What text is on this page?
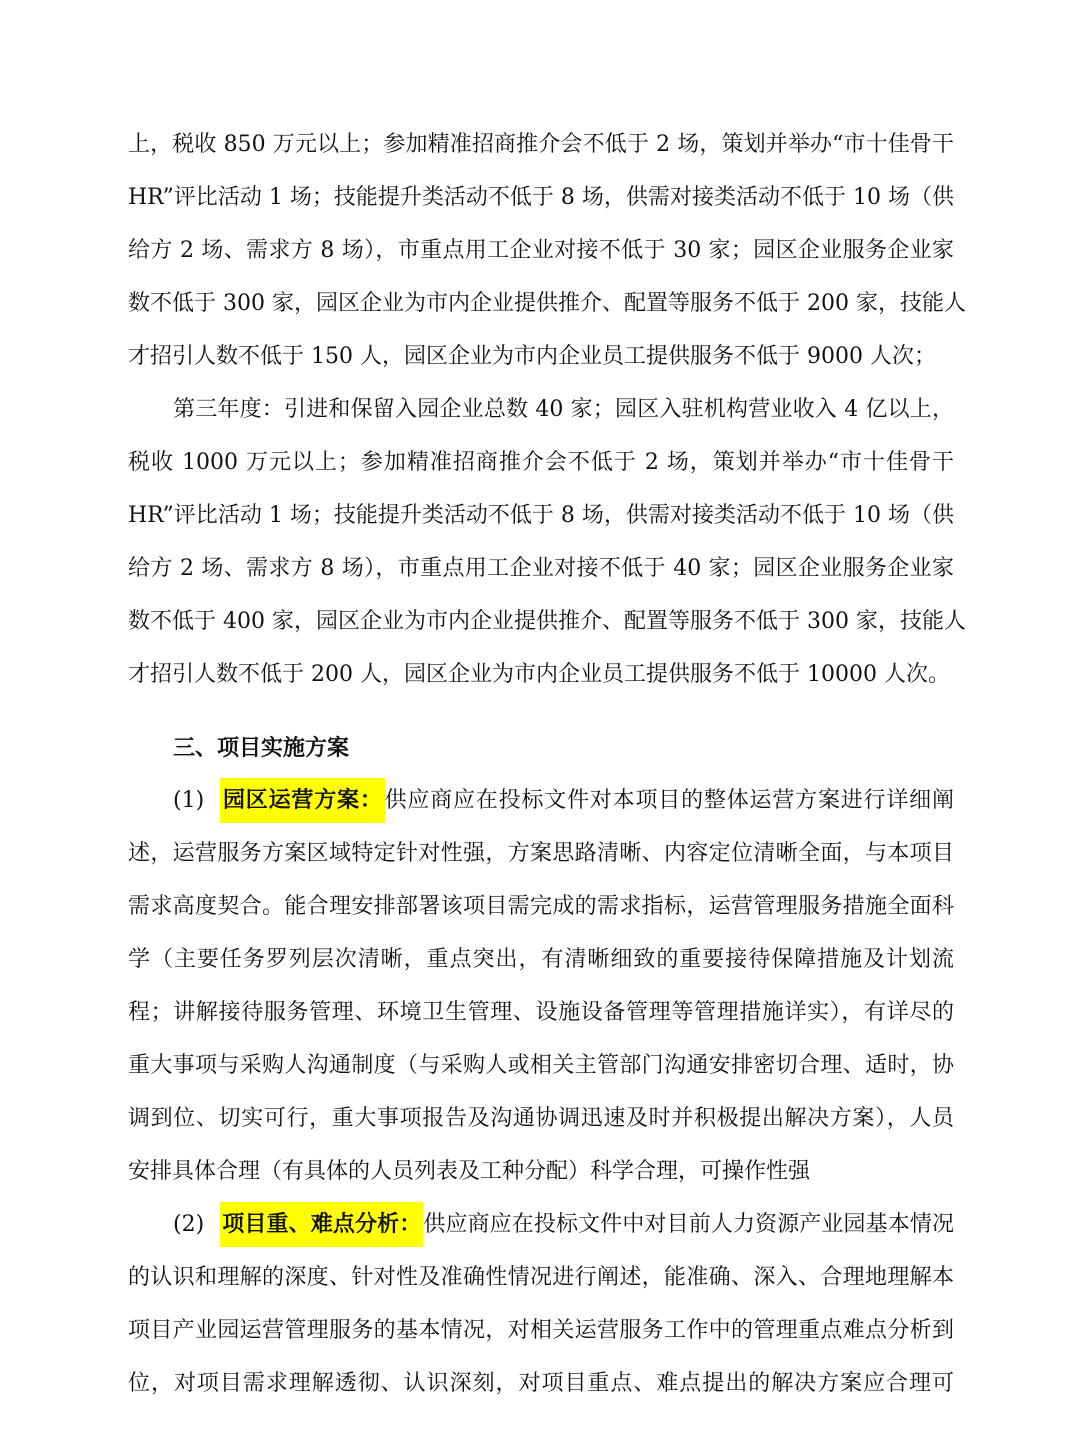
上，税收 850 万元以上；参加精准招商推介会不低于 2 场，策划并举办“市十佳骨干
HR”评比活动 1 场；技能提升类活动不低于 8 场，供需对接类活动不低于 10 场（供
给方 2 场、需求方 8 场），市重点用工企业对接不低于 30 家；园区企业服务企业家
数不低于 300 家，园区企业为市内企业提供推介、配置等服务不低于 200 家，技能人
才招引人数不低于 150 人，园区企业为市内企业员工提供服务不低于 9000 人次；
第三年度：引进和保留入园企业总数 40 家；园区入驻机构营业收入 4 亿以上，
税收 1000 万元以上；参加精准招商推介会不低于 2 场，策划并举办“市十佳骨干
HR”评比活动 1 场；技能提升类活动不低于 8 场，供需对接类活动不低于 10 场（供
给方 2 场、需求方 8 场），市重点用工企业对接不低于 40 家；园区企业服务企业家
数不低于 400 家，园区企业为市内企业提供推介、配置等服务不低于 300 家，技能人
才招引人数不低于 200 人，园区企业为市内企业员工提供服务不低于 10000 人次。
三、项目实施方案
(1) 园区运营方案：供应商应在投标文件对本项目的整体运营方案进行详细阐
述，运营服务方案区域特定针对性强，方案思路清晰、内容定位清晰全面，与本项目
需求高度契合。能合理安排部署该项目需完成的需求指标，运营管理服务措施全面科
学（主要任务罗列层次清晰，重点突出，有清晰细致的重要接待保障措施及计划流
程；讲解接待服务管理、环境卫生管理、设施设备管理等管理措施详实），有详尽的
重大事项与采购人沟通制度（与采购人或相关主管部门沟通安排密切合理、适时，协
调到位、切实可行，重大事项报告及沟通协调迅速及时并积极提出解决方案），人员
安排具体合理（有具体的人员列表及工种分配）科学合理，可操作性强
(2) 项目重、难点分析：供应商应在投标文件中对目前人力资源产业园基本情况
的认识和理解的深度、针对性及准确性情况进行阐述，能准确、深入、合理地理解本
项目产业园运营管理服务的基本情况，对相关运营服务工作中的管理重点难点分析到
位，对项目需求理解透彻、认识深刻，对项目重点、难点提出的解决方案应合理可
